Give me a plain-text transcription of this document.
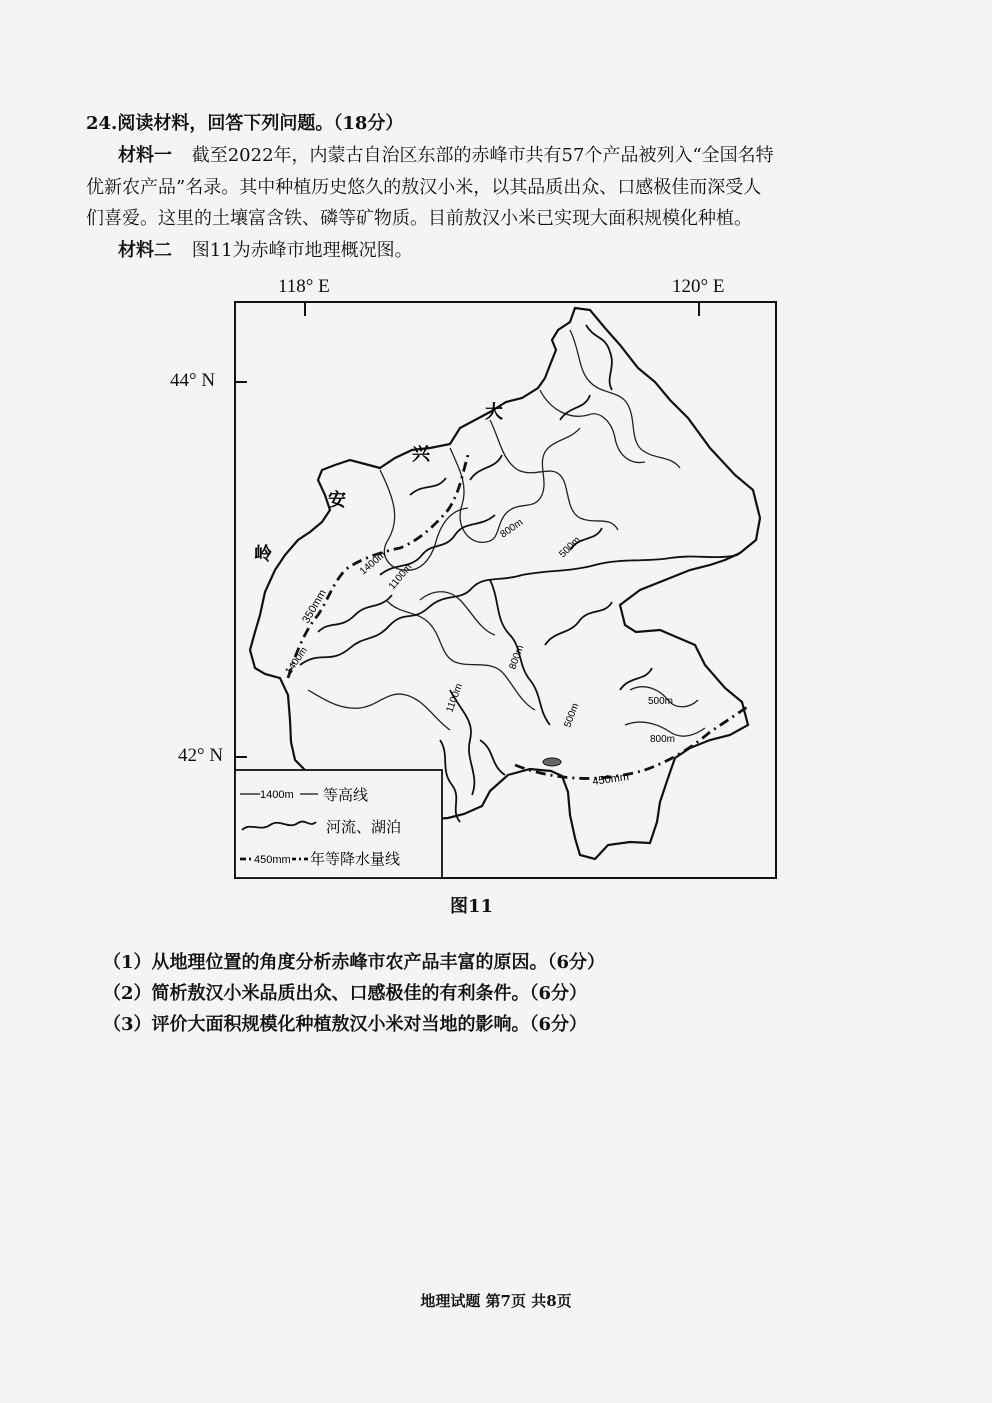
24.阅读材料，回答下列问题。（18分）
材料一 截至2022年，内蒙古自治区东部的赤峰市共有57个产品被列入“全国名特
优新农产品”名录。其中种植历史悠久的敖汉小米，以其品质出众、口感极佳而深受人
们喜爱。这里的土壤富含铁、磷等矿物质。目前敖汉小米已实现大面积规模化种植。
材料二 图11为赤峰市地理概况图。
大
兴
安
岭	1400m
1100m
800m
500m
1400m	800m
1100m
500m
500m
800m
350mm
450mm
1400m 等高线
河流、湖泊
450mm 年等降水量线
118° E	120° E
44° N
42° N
图11
（1）从地理位置的角度分析赤峰市农产品丰富的原因。（6分）
（2）简析敖汉小米品质出众、口感极佳的有利条件。（6分）
（3）评价大面积规模化种植敖汉小米对当地的影响。（6分）
地理试题 第7页 共8页
